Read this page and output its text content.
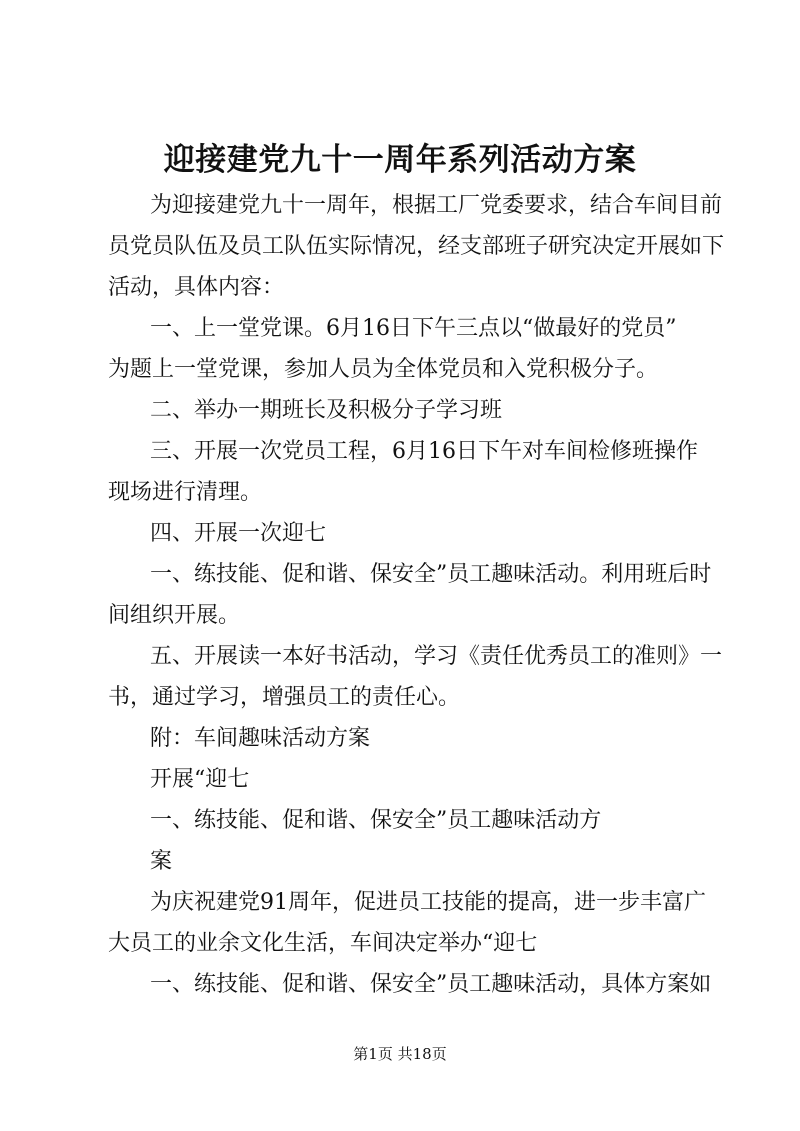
迎接建党九十一周年系列活动方案
为迎接建党九十一周年，根据工厂党委要求，结合车间目前
员党员队伍及员工队伍实际情况，经支部班子研究决定开展如下
活动，具体内容：
一、上一堂党课。6月16日下午三点以“做最好的党员”
为题上一堂党课，参加人员为全体党员和入党积极分子。
二、举办一期班长及积极分子学习班
三、开展一次党员工程，6月16日下午对车间检修班操作
现场进行清理。
四、开展一次迎七
一、练技能、促和谐、保安全”员工趣味活动。利用班后时
间组织开展。
五、开展读一本好书活动，学习《责任优秀员工的准则》一
书，通过学习，增强员工的责任心。
附：车间趣味活动方案
开展“迎七
一、练技能、促和谐、保安全”员工趣味活动方
案
为庆祝建党91周年，促进员工技能的提高，进一步丰富广
大员工的业余文化生活，车间决定举办“迎七
一、练技能、促和谐、保安全”员工趣味活动，具体方案如
第1页 共18页
